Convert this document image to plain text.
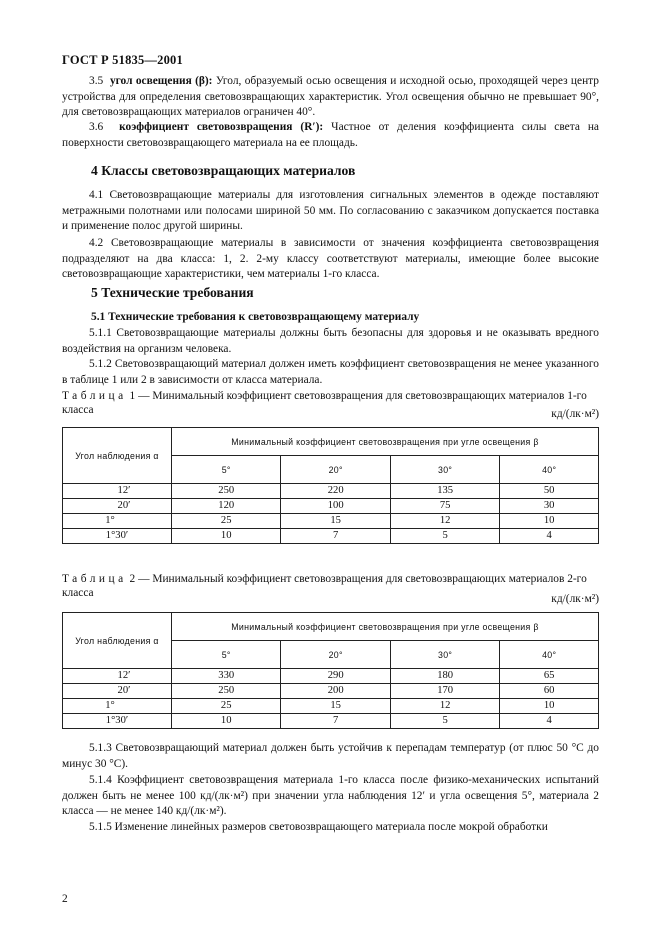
ГОСТ Р 51835—2001
3.5 угол освещения (β): Угол, образуемый осью освещения и исходной осью, проходящей через центр устройства для определения световозвращающих характеристик. Угол освещения обычно не превышает 90°, для световозвращающих материалов ограничен 40°.
3.6 коэффициент световозвращения (R′): Частное от деления коэффициента силы света на поверхности световозвращающего материала на ее площадь.
4 Классы световозвращающих материалов
4.1 Световозвращающие материалы для изготовления сигнальных элементов в одежде поставляют метражными полотнами или полосами шириной 50 мм. По согласованию с заказчиком допускается поставка и применение полос другой ширины.
4.2 Световозвращающие материалы в зависимости от значения коэффициента световозвращения подразделяют на два класса: 1, 2. 2-му классу соответствуют материалы, имеющие более высокие световозвращающие характеристики, чем материалы 1-го класса.
5 Технические требования
5.1 Технические требования к световозвращающему материалу
5.1.1 Световозвращающие материалы должны быть безопасны для здоровья и не оказывать вредного воздействия на организм человека.
5.1.2 Световозвращающий материал должен иметь коэффициент световозвращения не менее указанного в таблице 1 или 2 в зависимости от класса материала.
Таблица 1 — Минимальный коэффициент световозвращения для световозвращающих материалов 1-го класса	кд/(лк·м²)
Угол наблюдения α	Минимальный коэффициент световозвращения при угле освещения β			
	5°	20°	30°	40°
12′	250	220	135	50
20′	120	100	75	30
1°	25	15	12	10
1°30′	10	7	5	4
Таблица 2 — Минимальный коэффициент световозвращения для световозвращающих материалов 2-го класса	кд/(лк·м²)
Угол наблюдения α	Минимальный коэффициент световозвращения при угле освещения β			
	5°	20°	30°	40°
12′	330	290	180	65
20′	250	200	170	60
1°	25	15	12	10
1°30′	10	7	5	4
5.1.3 Световозвращающий материал должен быть устойчив к перепадам температур (от плюс 50 °С до минус 30 °С).
5.1.4 Коэффициент световозвращения материала 1-го класса после физико-механических испытаний должен быть не менее 100 кд/(лк·м²) при значении угла наблюдения 12′ и угла освещения 5°, материала 2 класса — не менее 140 кд/(лк·м²).
5.1.5 Изменение линейных размеров световозвращающего материала после мокрой обработки
2
